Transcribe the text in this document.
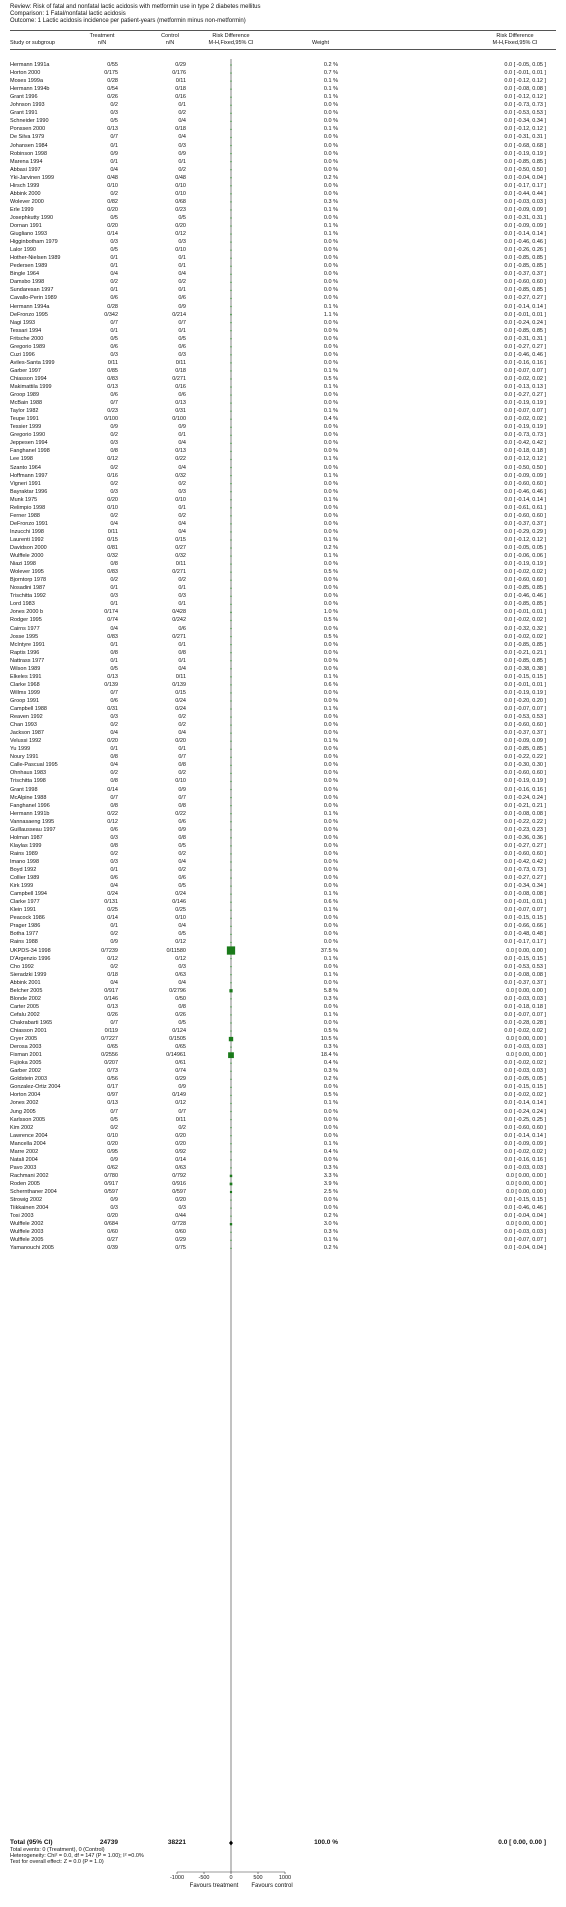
Review: Risk of fatal and nonfatal lactic acidosis with metformin use in type 2 diabetes mellitus
Comparison: 1 Fatal/nonfatal lactic acidosis
Outcome: 1 Lactic acidosis incidence per patient-years (metformin minus non-metformin)
Study or subgroup
Treatment
n/N
Control
n/N
Risk Difference
M-H,Fixed,95% CI	Weight
Risk Difference
M-H,Fixed,95% CI
Hermann 1991a	0/55	0/29	0.2 %	0.0 [ -0.05, 0.05 ]
Horton 2000	0/175	0/176	0.7 %	0.0 [ -0.01, 0.01 ]
Moses 1999a	0/28	0/11	0.1 %	0.0 [ -0.12, 0.12 ]
Hermann 1994b	0/54	0/18	0.1 %	0.0 [ -0.08, 0.08 ]
Grant 1996	0/26	0/16	0.1 %	0.0 [ -0.12, 0.12 ]
Johnson 1993	0/2	0/1	0.0 %	0.0 [ -0.73, 0.73 ]
Grant 1991	0/3	0/2	0.0 %	0.0 [ -0.53, 0.53 ]
Schneider 1990	0/5	0/4	0.0 %	0.0 [ -0.34, 0.34 ]
Ponssen 2000	0/13	0/18	0.1 %	0.0 [ -0.12, 0.12 ]
De Silva 1979	0/7	0/4	0.0 %	0.0 [ -0.31, 0.31 ]
Johansen 1984	0/1	0/3	0.0 %	0.0 [ -0.68, 0.68 ]
Robinson 1998	0/9	0/9	0.0 %	0.0 [ -0.19, 0.19 ]
Marena 1994	0/1	0/1	0.0 %	0.0 [ -0.85, 0.85 ]
Abbasi 1997	0/4	0/2	0.0 %	0.0 [ -0.50, 0.50 ]
Yki-Jarvinen 1999	0/48	0/48	0.2 %	0.0 [ -0.04, 0.04 ]
Hirsch 1999	0/10	0/10	0.0 %	0.0 [ -0.17, 0.17 ]
Abbink 2000	0/2	0/10	0.0 %	0.0 [ -0.44, 0.44 ]
Wolever 2000	0/82	0/68	0.3 %	0.0 [ -0.03, 0.03 ]
Erle 1999	0/20	0/23	0.1 %	0.0 [ -0.09, 0.09 ]
Josephkutty 1990	0/5	0/5	0.0 %	0.0 [ -0.31, 0.31 ]
Dornan 1991	0/20	0/20	0.1 %	0.0 [ -0.09, 0.09 ]
Giugliano 1993	0/14	0/12	0.1 %	0.0 [ -0.14, 0.14 ]
Higginbotham 1979	0/3	0/3	0.0 %	0.0 [ -0.46, 0.46 ]
Lalor 1990	0/5	0/10	0.0 %	0.0 [ -0.26, 0.26 ]
Hother-Nielsen 1989	0/1	0/1	0.0 %	0.0 [ -0.85, 0.85 ]
Pedersen 1989	0/1	0/1	0.0 %	0.0 [ -0.85, 0.85 ]
Bingle 1964	0/4	0/4	0.0 %	0.0 [ -0.37, 0.37 ]
Damsbo 1998	0/2	0/2	0.0 %	0.0 [ -0.60, 0.60 ]
Sundaresan 1997	0/1	0/1	0.0 %	0.0 [ -0.85, 0.85 ]
Cavallo-Perin 1989	0/6	0/6	0.0 %	0.0 [ -0.27, 0.27 ]
Hermann 1994a	0/28	0/9	0.1 %	0.0 [ -0.14, 0.14 ]
DeFronzo 1995	0/342	0/214	1.1 %	0.0 [ -0.01, 0.01 ]
Nagi 1993	0/7	0/7	0.0 %	0.0 [ -0.24, 0.24 ]
Tessari 1994	0/1	0/1	0.0 %	0.0 [ -0.85, 0.85 ]
Fritsche 2000	0/5	0/5	0.0 %	0.0 [ -0.31, 0.31 ]
Gregorio 1989	0/6	0/6	0.0 %	0.0 [ -0.27, 0.27 ]
Cuzi 1996	0/3	0/3	0.0 %	0.0 [ -0.46, 0.46 ]
Aviles-Santa 1999	0/11	0/11	0.0 %	0.0 [ -0.16, 0.16 ]
Garber 1997	0/85	0/18	0.1 %	0.0 [ -0.07, 0.07 ]
Chiasson 1994	0/83	0/271	0.5 %	0.0 [ -0.02, 0.02 ]
Makimattila 1999	0/13	0/16	0.1 %	0.0 [ -0.13, 0.13 ]
Groop 1989	0/6	0/6	0.0 %	0.0 [ -0.27, 0.27 ]
McBain 1988	0/7	0/13	0.0 %	0.0 [ -0.19, 0.19 ]
Taylor 1982	0/23	0/31	0.1 %	0.0 [ -0.07, 0.07 ]
Teupe 1991	0/100	0/100	0.4 %	0.0 [ -0.02, 0.02 ]
Tessier 1999	0/9	0/9	0.0 %	0.0 [ -0.19, 0.19 ]
Gregorio 1990	0/2	0/1	0.0 %	0.0 [ -0.73, 0.73 ]
Jeppesen 1994	0/3	0/4	0.0 %	0.0 [ -0.42, 0.42 ]
Fanghanel 1998	0/8	0/13	0.0 %	0.0 [ -0.18, 0.18 ]
Lee 1998	0/12	0/22	0.1 %	0.0 [ -0.12, 0.12 ]
Szanto 1964	0/2	0/4	0.0 %	0.0 [ -0.50, 0.50 ]
Hoffmann 1997	0/16	0/32	0.1 %	0.0 [ -0.09, 0.09 ]
Vigneri 1991	0/2	0/2	0.0 %	0.0 [ -0.60, 0.60 ]
Bayraktar 1996	0/3	0/3	0.0 %	0.0 [ -0.46, 0.46 ]
Munk 1975	0/20	0/10	0.1 %	0.0 [ -0.14, 0.14 ]
Relimpio 1998	0/10	0/1	0.0 %	0.0 [ -0.61, 0.61 ]
Ferner 1988	0/2	0/2	0.0 %	0.0 [ -0.60, 0.60 ]
DeFronzo 1991	0/4	0/4	0.0 %	0.0 [ -0.37, 0.37 ]
Inzucchi 1998	0/11	0/4	0.0 %	0.0 [ -0.29, 0.29 ]
Laurenti 1992	0/15	0/15	0.1 %	0.0 [ -0.12, 0.12 ]
Davidson 2000	0/81	0/27	0.2 %	0.0 [ -0.05, 0.05 ]
Wulffele 2000	0/32	0/32	0.1 %	0.0 [ -0.06, 0.06 ]
Niazi 1998	0/8	0/11	0.0 %	0.0 [ -0.19, 0.19 ]
Wolever 1995	0/83	0/271	0.5 %	0.0 [ -0.02, 0.02 ]
Bjorntorp 1978	0/2	0/2	0.0 %	0.0 [ -0.60, 0.60 ]
Nosadini 1987	0/1	0/1	0.0 %	0.0 [ -0.85, 0.85 ]
Trischitta 1992	0/3	0/3	0.0 %	0.0 [ -0.46, 0.46 ]
Lord 1983	0/1	0/1	0.0 %	0.0 [ -0.85, 0.85 ]
Jones 2000 b	0/174	0/428	1.0 %	0.0 [ -0.01, 0.01 ]
Rodger 1995	0/74	0/242	0.5 %	0.0 [ -0.02, 0.02 ]
Cairns 1977	0/4	0/6	0.0 %	0.0 [ -0.32, 0.32 ]
Josse 1995	0/83	0/271	0.5 %	0.0 [ -0.02, 0.02 ]
McIntyre 1991	0/1	0/1	0.0 %	0.0 [ -0.85, 0.85 ]
Raptis 1996	0/8	0/8	0.0 %	0.0 [ -0.21, 0.21 ]
Nattrass 1977	0/1	0/1	0.0 %	0.0 [ -0.85, 0.85 ]
Wilson 1989	0/5	0/4	0.0 %	0.0 [ -0.38, 0.38 ]
Elkeles 1991	0/13	0/11	0.1 %	0.0 [ -0.15, 0.15 ]
Clarke 1968	0/139	0/139	0.6 %	0.0 [ -0.01, 0.01 ]
Willms 1999	0/7	0/15	0.0 %	0.0 [ -0.19, 0.19 ]
Groop 1991	0/6	0/24	0.0 %	0.0 [ -0.20, 0.20 ]
Campbell 1988	0/31	0/24	0.1 %	0.0 [ -0.07, 0.07 ]
Reaven 1992	0/3	0/2	0.0 %	0.0 [ -0.53, 0.53 ]
Chan 1993	0/2	0/2	0.0 %	0.0 [ -0.60, 0.60 ]
Jackson 1987	0/4	0/4	0.0 %	0.0 [ -0.37, 0.37 ]
Velussi 1992	0/20	0/20	0.1 %	0.0 [ -0.09, 0.09 ]
Yu 1999	0/1	0/1	0.0 %	0.0 [ -0.85, 0.85 ]
Noury 1991	0/8	0/7	0.0 %	0.0 [ -0.22, 0.22 ]
Calle-Pascual 1995	0/4	0/8	0.0 %	0.0 [ -0.30, 0.30 ]
Ohnhaus 1983	0/2	0/2	0.0 %	0.0 [ -0.60, 0.60 ]
Trischitta 1998	0/8	0/10	0.0 %	0.0 [ -0.19, 0.19 ]
Grant 1998	0/14	0/9	0.0 %	0.0 [ -0.16, 0.16 ]
McAlpine 1988	0/7	0/7	0.0 %	0.0 [ -0.24, 0.24 ]
Fanghanel 1996	0/8	0/8	0.0 %	0.0 [ -0.21, 0.21 ]
Hermann 1991b	0/22	0/22	0.1 %	0.0 [ -0.08, 0.08 ]
Vannasaeng 1995	0/12	0/6	0.0 %	0.0 [ -0.22, 0.22 ]
Guillausseau 1997	0/6	0/9	0.0 %	0.0 [ -0.23, 0.23 ]
Holman 1987	0/3	0/8	0.0 %	0.0 [ -0.36, 0.36 ]
Klaylas 1999	0/8	0/5	0.0 %	0.0 [ -0.27, 0.27 ]
Rains 1989	0/2	0/2	0.0 %	0.0 [ -0.60, 0.60 ]
Imano 1998	0/3	0/4	0.0 %	0.0 [ -0.42, 0.42 ]
Boyd 1992	0/1	0/2	0.0 %	0.0 [ -0.73, 0.73 ]
Collier 1989	0/6	0/6	0.0 %	0.0 [ -0.27, 0.27 ]
Kirk 1999	0/4	0/5	0.0 %	0.0 [ -0.34, 0.34 ]
Campbell 1994	0/24	0/24	0.1 %	0.0 [ -0.08, 0.08 ]
Clarke 1977	0/131	0/146	0.6 %	0.0 [ -0.01, 0.01 ]
Klein 1991	0/25	0/25	0.1 %	0.0 [ -0.07, 0.07 ]
Peacock 1986	0/14	0/10	0.0 %	0.0 [ -0.15, 0.15 ]
Prager 1986	0/1	0/4	0.0 %	0.0 [ -0.66, 0.66 ]
Botha 1977	0/2	0/5	0.0 %	0.0 [ -0.48, 0.48 ]
Rains 1988	0/9	0/12	0.0 %	0.0 [ -0.17, 0.17 ]
UKPDS-34 1998	0/7239	0/11580	37.5 %	0.0 [ 0.00, 0.00 ]
D'Argenzio 1996	0/12	0/12	0.1 %	0.0 [ -0.15, 0.15 ]
Cho 1992	0/2	0/3	0.0 %	0.0 [ -0.53, 0.53 ]
Sieradzki 1999	0/18	0/63	0.1 %	0.0 [ -0.08, 0.08 ]
Abbink 2001	0/4	0/4	0.0 %	0.0 [ -0.37, 0.37 ]
Belcher 2005	0/917	0/2796	5.8 %	0.0 [ 0.00, 0.00 ]
Blonde 2002	0/146	0/50	0.3 %	0.0 [ -0.03, 0.03 ]
Carter 2005	0/13	0/8	0.0 %	0.0 [ -0.18, 0.18 ]
Cefalu 2002	0/26	0/26	0.1 %	0.0 [ -0.07, 0.07 ]
Chakrabarti 1965	0/7	0/5	0.0 %	0.0 [ -0.28, 0.28 ]
Chiasson 2001	0/119	0/124	0.5 %	0.0 [ -0.02, 0.02 ]
Cryer 2005	0/7227	0/1505	10.5 %	0.0 [ 0.00, 0.00 ]
Derosa 2003	0/65	0/65	0.3 %	0.0 [ -0.03, 0.03 ]
Fisman 2001	0/2556	0/14961	18.4 %	0.0 [ 0.00, 0.00 ]
Fujioka 2005	0/207	0/61	0.4 %	0.0 [ -0.02, 0.02 ]
Garber 2002	0/73	0/74	0.3 %	0.0 [ -0.03, 0.03 ]
Goldstein 2003	0/56	0/29	0.2 %	0.0 [ -0.05, 0.05 ]
Gonzalez-Ortiz 2004	0/17	0/9	0.0 %	0.0 [ -0.15, 0.15 ]
Horton 2004	0/97	0/149	0.5 %	0.0 [ -0.02, 0.02 ]
Jones 2002	0/13	0/12	0.1 %	0.0 [ -0.14, 0.14 ]
Jung 2005	0/7	0/7	0.0 %	0.0 [ -0.24, 0.24 ]
Karlsson 2005	0/5	0/11	0.0 %	0.0 [ -0.25, 0.25 ]
Kim 2002	0/2	0/2	0.0 %	0.0 [ -0.60, 0.60 ]
Lawrence 2004	0/10	0/20	0.0 %	0.0 [ -0.14, 0.14 ]
Mancella 2004	0/20	0/20	0.1 %	0.0 [ -0.09, 0.09 ]
Marre 2002	0/95	0/92	0.4 %	0.0 [ -0.02, 0.02 ]
Natali 2004	0/9	0/14	0.0 %	0.0 [ -0.16, 0.16 ]
Pavo 2003	0/62	0/63	0.3 %	0.0 [ -0.03, 0.03 ]
Rachmani 2002	0/780	0/792	3.3 %	0.0 [ 0.00, 0.00 ]
Roden 2005	0/917	0/916	3.9 %	0.0 [ 0.00, 0.00 ]
Schernthaner 2004	0/597	0/597	2.5 %	0.0 [ 0.00, 0.00 ]
Strowig 2002	0/9	0/20	0.0 %	0.0 [ -0.15, 0.15 ]
Tiikkainen 2004	0/3	0/3	0.0 %	0.0 [ -0.46, 0.46 ]
Tosi 2003	0/20	0/44	0.2 %	0.0 [ -0.04, 0.04 ]
Wulffele 2002	0/684	0/728	3.0 %	0.0 [ 0.00, 0.00 ]
Wulffele 2003	0/60	0/60	0.3 %	0.0 [ -0.03, 0.03 ]
Wulffele 2005	0/27	0/29	0.1 %	0.0 [ -0.07, 0.07 ]
Yamanouchi 2005	0/39	0/75	0.2 %	0.0 [ -0.04, 0.04 ]
Total (95% CI)	24739	38221	100.0 %	0.0 [ 0.00, 0.00 ]
Total events: 0 (Treatment), 0 (Control)
Heterogeneity: Chi² = 0.0, df = 147 (P = 1.00); I² =0.0%
Test for overall effect: Z = 0.0 (P = 1.0)
-1000	-500	0	500	1000
Favours treatment	Favours control
